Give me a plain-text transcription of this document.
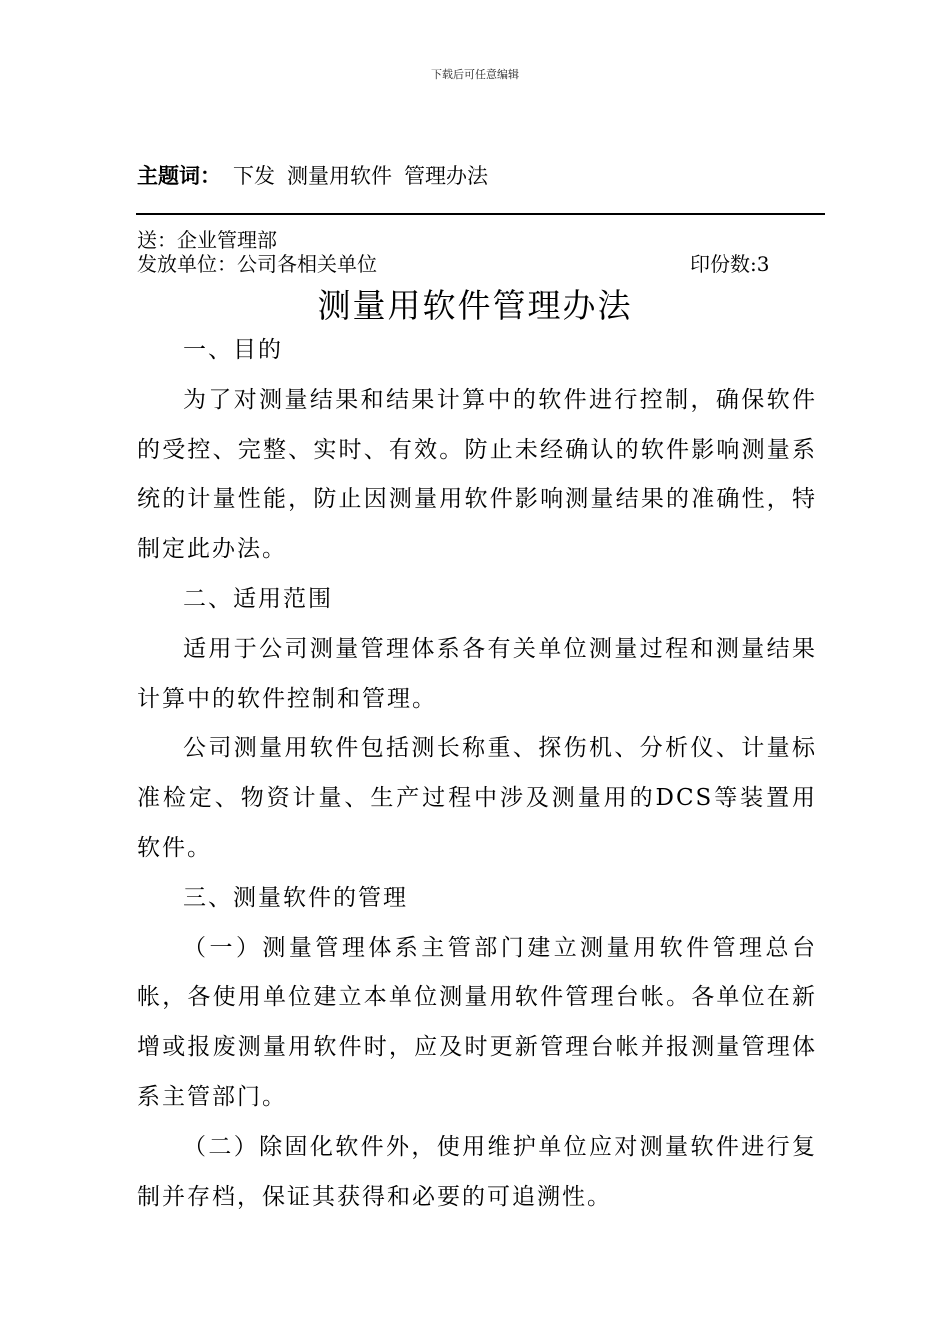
下载后可任意编辑
主题词： 下发 测量用软件 管理办法
送：企业管理部
发放单位：公司各相关单位	印份数:3
测量用软件管理办法

一、目的

为了对测量结果和结果计算中的软件进行控制，确保软件的受控、完整、实时、有效。防止未经确认的软件影响测量系统的计量性能，防止因测量用软件影响测量结果的准确性，特制定此办法。

二、适用范围

适用于公司测量管理体系各有关单位测量过程和测量结果计算中的软件控制和管理。

公司测量用软件包括测长称重、探伤机、分析仪、计量标准检定、物资计量、生产过程中涉及测量用的DCS等装置用软件。

三、测量软件的管理

（一）测量管理体系主管部门建立测量用软件管理总台帐，各使用单位建立本单位测量用软件管理台帐。各单位在新增或报废测量用软件时，应及时更新管理台帐并报测量管理体系主管部门。

（二）除固化软件外，使用维护单位应对测量软件进行复制并存档，保证其获得和必要的可追溯性。
